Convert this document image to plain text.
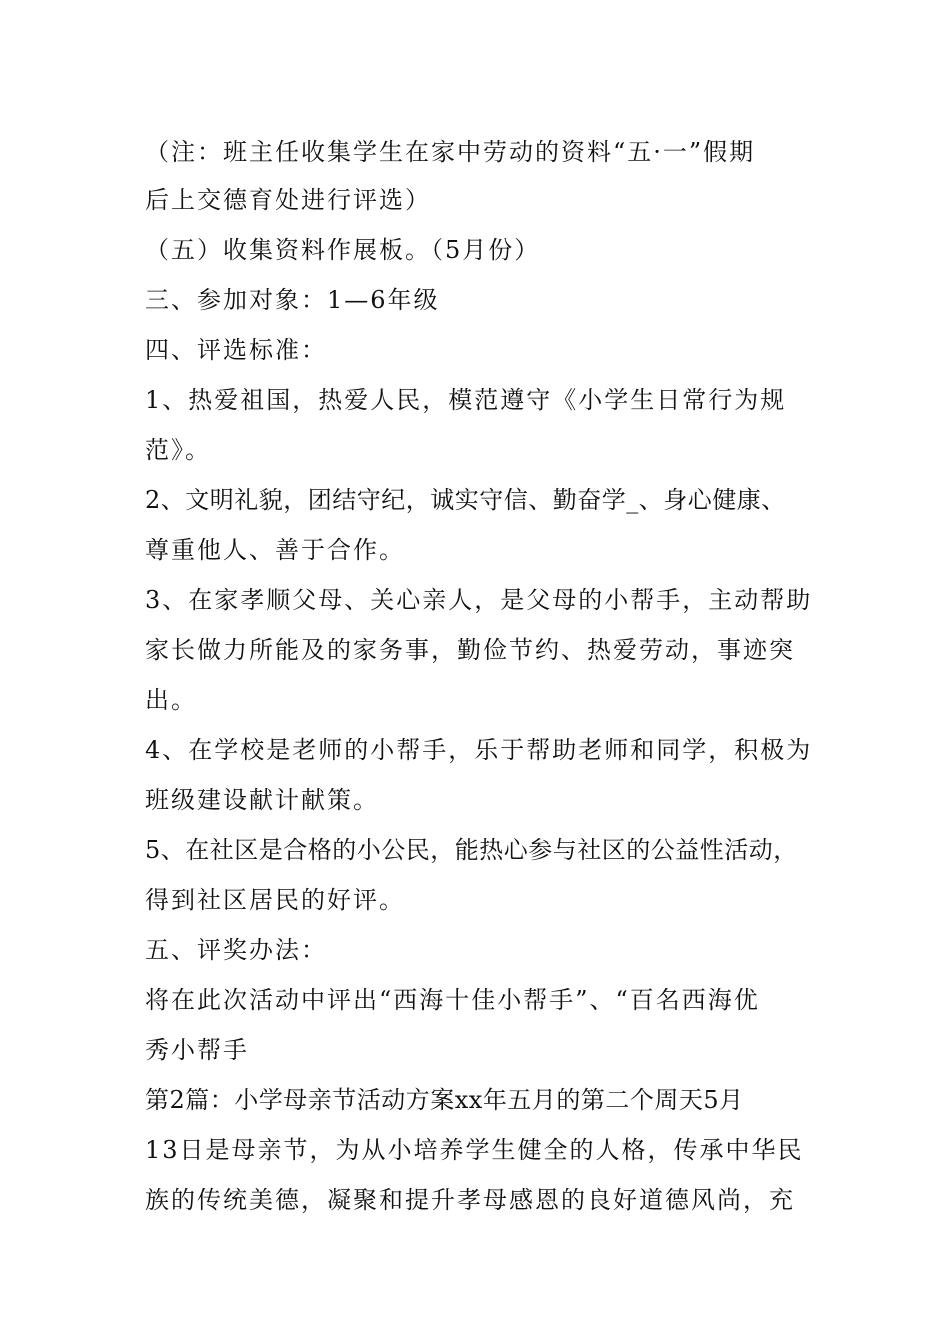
（注：班主任收集学生在家中劳动的资料“五·一”假期
后上交德育处进行评选）
（五）收集资料作展板。（5月份）
三、参加对象：1—6年级
四、评选标准：
1、热爱祖国，热爱人民，模范遵守《小学生日常行为规
范》。
2、文明礼貌，团结守纪，诚实守信、勤奋学_、身心健康、
尊重他人、善于合作。
3、在家孝顺父母、关心亲人，是父母的小帮手，主动帮助
家长做力所能及的家务事，勤俭节约、热爱劳动，事迹突
出。
4、在学校是老师的小帮手，乐于帮助老师和同学，积极为
班级建设献计献策。
5、在社区是合格的小公民，能热心参与社区的公益性活动，
得到社区居民的好评。
五、评奖办法：
将在此次活动中评出“西海十佳小帮手”、“百名西海优
秀小帮手
第2篇：小学母亲节活动方案xx年五月的第二个周天5月
13日是母亲节，为从小培养学生健全的人格，传承中华民
族的传统美德，凝聚和提升孝母感恩的良好道德风尚，充
